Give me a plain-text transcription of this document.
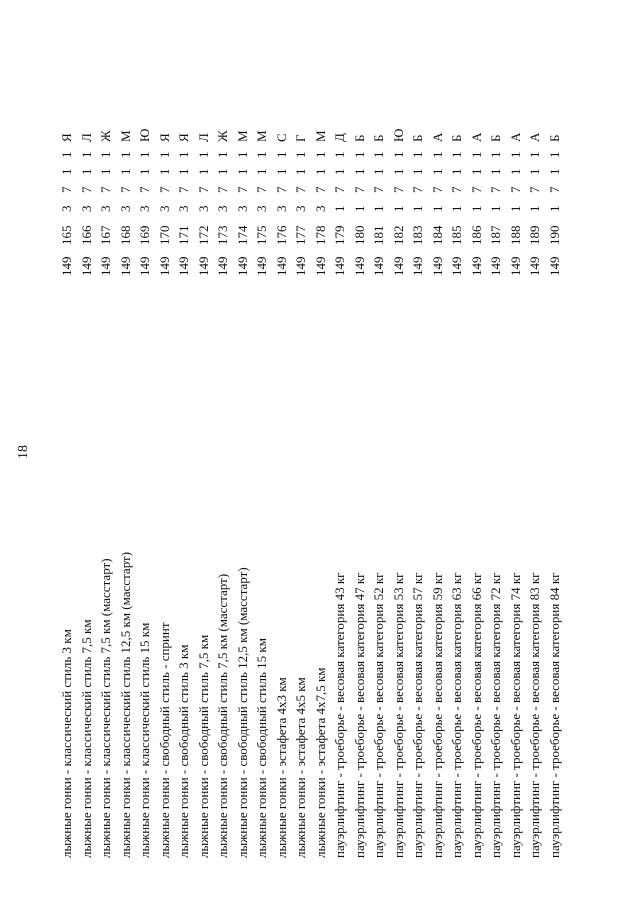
18
лыжные гонки - классический стиль 3 км
149
165
3
7
1
1
Я
лыжные гонки - классический стиль 7,5 км
149
166
3
7
1
1
Л
лыжные гонки - классический стиль 7,5 км (масстарт)
149
167
3
7
1
1
Ж
лыжные гонки - классический стиль 12,5 км (масстарт)
149
168
3
7
1
1
М
лыжные гонки - классический стиль 15 км
149
169
3
7
1
1
Ю
лыжные гонки - свободный стиль - спринт
149
170
3
7
1
1
Я
лыжные гонки - свободный стиль 3 км
149
171
3
7
1
1
Я
лыжные гонки - свободный стиль 7,5 км
149
172
3
7
1
1
Л
лыжные гонки - свободный стиль 7,5 км (масстарт)
149
173
3
7
1
1
Ж
лыжные гонки - свободный стиль 12,5 км (масстарт)
149
174
3
7
1
1
М
лыжные гонки - свободный стиль 15 км
149
175
3
7
1
1
М
лыжные гонки - эстафета 4х3 км
149
176
3
7
1
1
С
лыжные гонки - эстафета 4х5 км
149
177
3
7
1
1
Г
лыжные гонки - эстафета 4х7,5 км
149
178
3
7
1
1
М
пауэрлифтинг - троеборье - весовая категория 43 кг
149
179
1
7
1
1
Д
пауэрлифтинг - троеборье - весовая категория 47 кг
149
180
1
7
1
1
Б
пауэрлифтинг - троеборье - весовая категория 52 кг
149
181
1
7
1
1
Б
пауэрлифтинг - троеборье - весовая категория 53 кг
149
182
1
7
1
1
Ю
пауэрлифтинг - троеборье - весовая категория 57 кг
149
183
1
7
1
1
Б
пауэрлифтинг - троеборье - весовая категория 59 кг
149
184
1
7
1
1
А
пауэрлифтинг - троеборье - весовая категория 63 кг
149
185
1
7
1
1
Б
пауэрлифтинг - троеборье - весовая категория 66 кг
149
186
1
7
1
1
А
пауэрлифтинг - троеборье - весовая категория 72 кг
149
187
1
7
1
1
Б
пауэрлифтинг - троеборье - весовая категория 74 кг
149
188
1
7
1
1
А
пауэрлифтинг - троеборье - весовая категория 83 кг
149
189
1
7
1
1
А
пауэрлифтинг - троеборье - весовая категория 84 кг
149
190
1
7
1
1
Б
